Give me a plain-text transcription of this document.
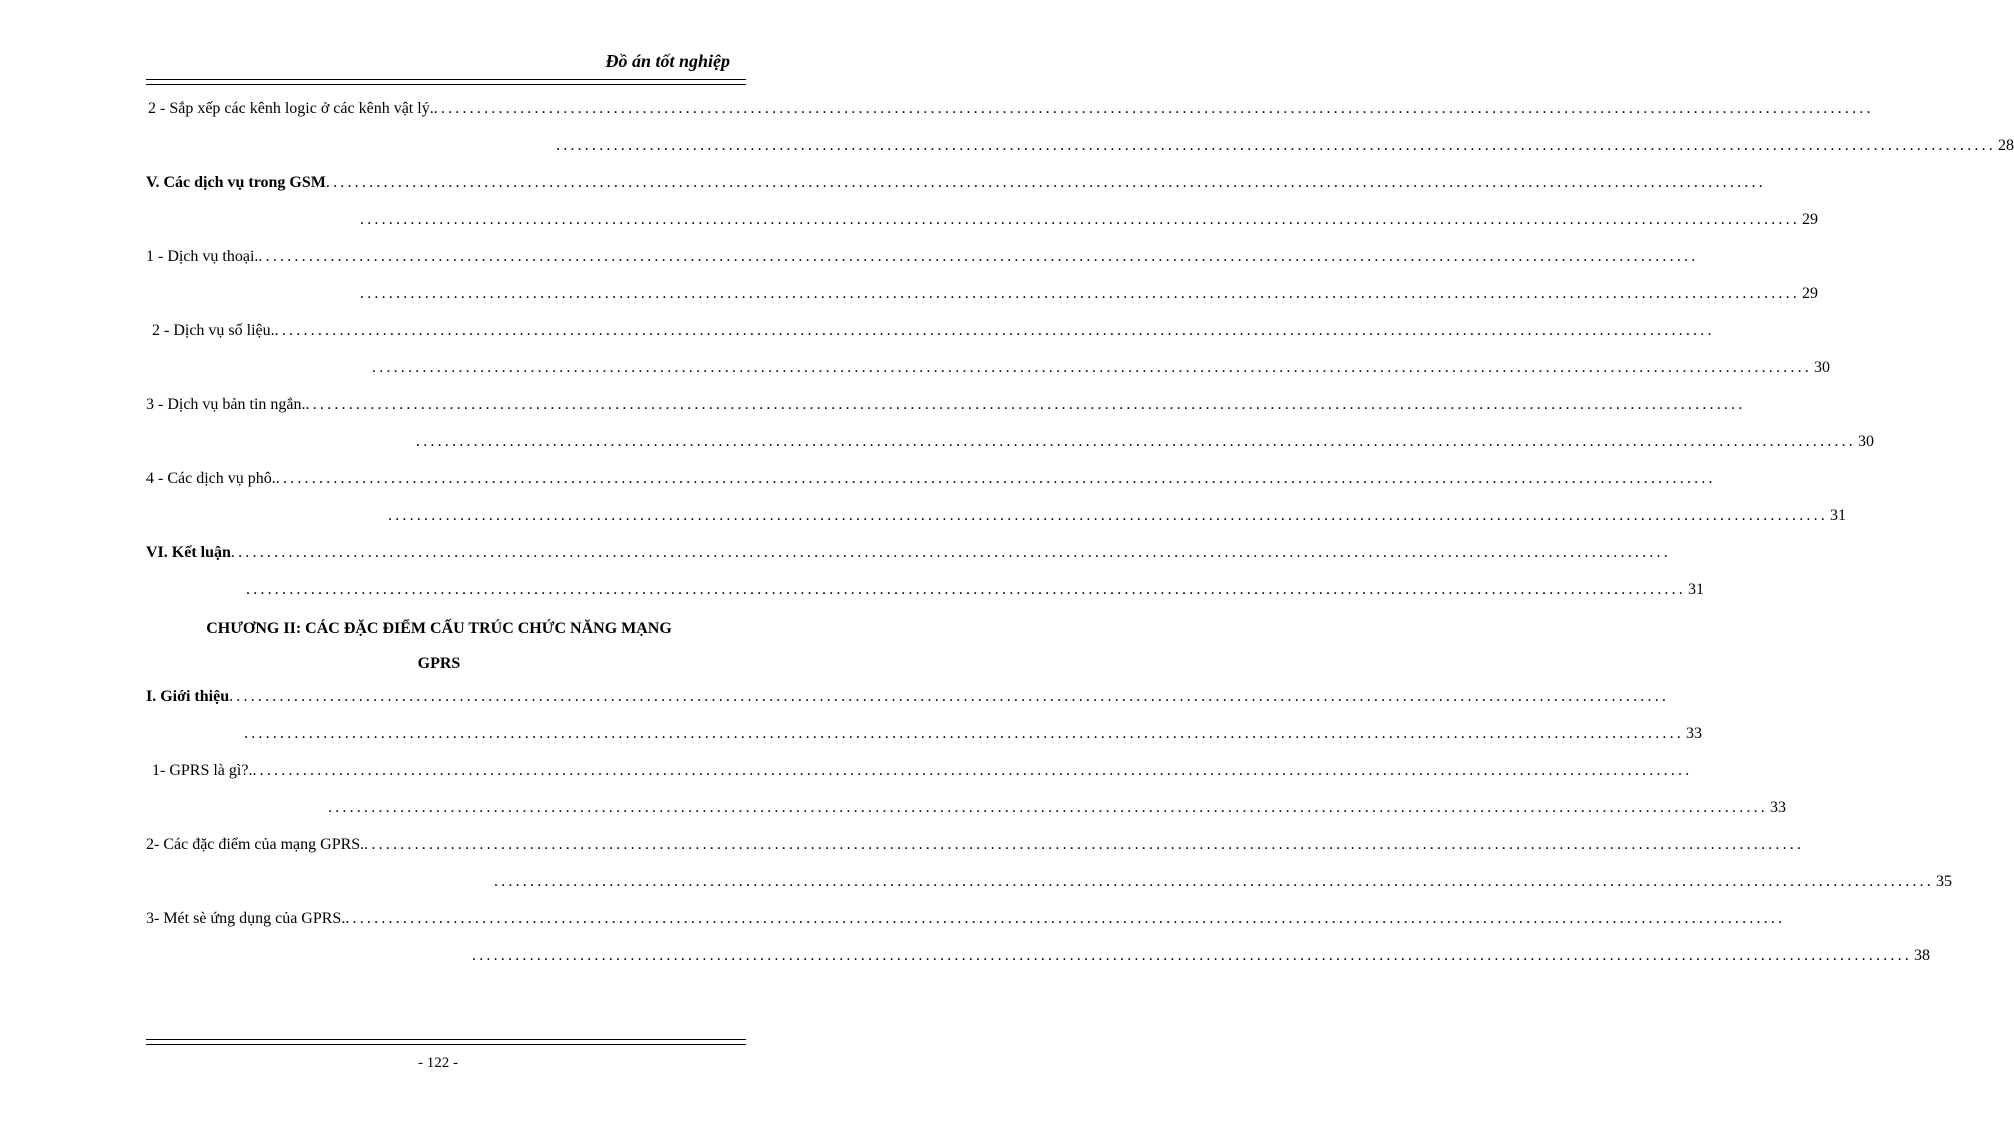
Đồ án tốt nghiệp
2 - Sắp xếp các kênh logic ở các kênh vật lý. ........................................................................................................................................................................................................
........................................................................................................................................................................................................ 28
V. Các dịch vụ trong GSM ........................................................................................................................................................................................................
........................................................................................................................................................................................................ 29
1 - Dịch vụ thoại. ........................................................................................................................................................................................................
........................................................................................................................................................................................................ 29
2 - Dịch vụ số liệu. ........................................................................................................................................................................................................
........................................................................................................................................................................................................ 30
3 - Dịch vụ bản tin ngắn. ........................................................................................................................................................................................................
........................................................................................................................................................................................................ 30
4 - Các dịch vụ phô. ........................................................................................................................................................................................................
........................................................................................................................................................................................................ 31
VI. Kết luận ........................................................................................................................................................................................................
........................................................................................................................................................................................................ 31
I. Giới thiệu ........................................................................................................................................................................................................
........................................................................................................................................................................................................ 33
1- GPRS là gì?. ........................................................................................................................................................................................................
........................................................................................................................................................................................................ 33
2- Các đặc điểm của mạng GPRS. ........................................................................................................................................................................................................
........................................................................................................................................................................................................ 35
3- Mét sè ứng dụng của GPRS. ........................................................................................................................................................................................................
........................................................................................................................................................................................................ 38
CHƯƠNG II: CÁC ĐẶC ĐIỂM CẤU TRÚC CHỨC NĂNG MẠNG
GPRS
- 122 -
